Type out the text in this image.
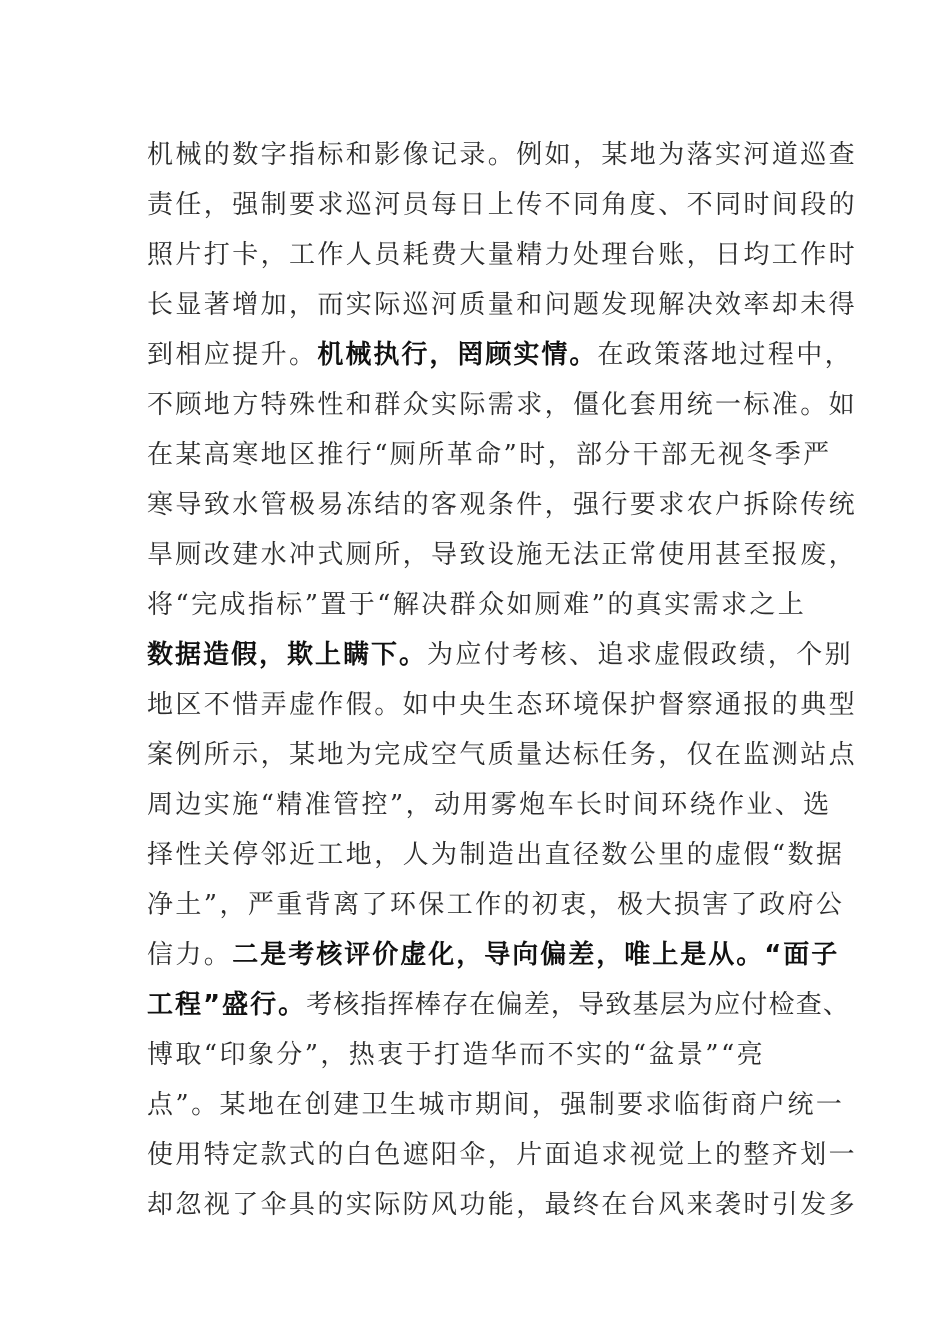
机械的数字指标和影像记录。例如，某地为落实河道巡查
责任，强制要求巡河员每日上传不同角度、不同时间段的
照片打卡，工作人员耗费大量精力处理台账，日均工作时
长显著增加，而实际巡河质量和问题发现解决效率却未得
到相应提升。机械执行，罔顾实情。在政策落地过程中，
不顾地方特殊性和群众实际需求，僵化套用统一标准。如
在某高寒地区推行“厕所革命”时，部分干部无视冬季严
寒导致水管极易冻结的客观条件，强行要求农户拆除传统
旱厕改建水冲式厕所，导致设施无法正常使用甚至报废，
将“完成指标”置于“解决群众如厕难”的真实需求之上
数据造假，欺上瞒下。为应付考核、追求虚假政绩，个别
地区不惜弄虚作假。如中央生态环境保护督察通报的典型
案例所示，某地为完成空气质量达标任务，仅在监测站点
周边实施“精准管控”，动用雾炮车长时间环绕作业、选
择性关停邻近工地，人为制造出直径数公里的虚假“数据
净土”，严重背离了环保工作的初衷，极大损害了政府公
信力。二是考核评价虚化，导向偏差，唯上是从。“面子
工程”盛行。考核指挥棒存在偏差，导致基层为应付检查、
博取“印象分”，热衷于打造华而不实的“盆景”“亮
点”。某地在创建卫生城市期间，强制要求临街商户统一
使用特定款式的白色遮阳伞，片面追求视觉上的整齐划一
却忽视了伞具的实际防风功能，最终在台风来袭时引发多
